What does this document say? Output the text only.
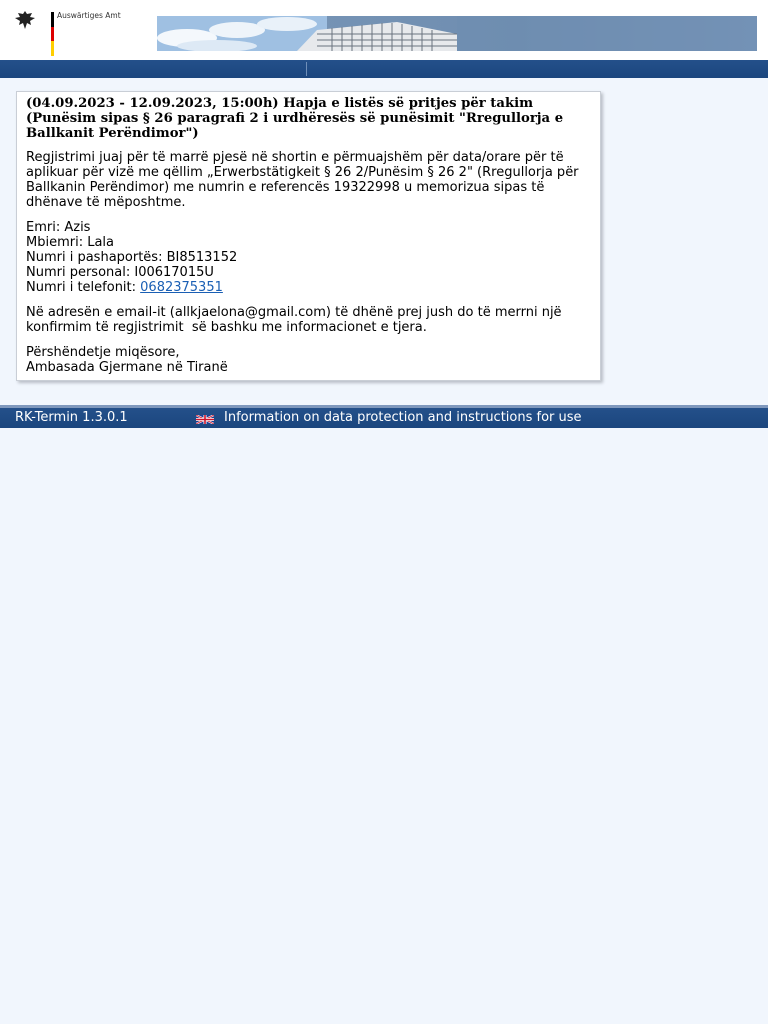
Auswärtiges Amt

(04.09.2023 - 12.09.2023, 15:00h) Hapja e listës së pritjes për takim (Punësim sipas § 26 paragrafi 2 i urdhëresës së punësimit "Rregullorja e Ballkanit Perëndimor")

Regjistrimi juaj për të marrë pjesë në shortin e përmuajshëm për data/orare për të aplikuar për vizë me qëllim „Erwerbstätigkeit § 26 2/Punësim § 26 2" (Rregullorja për Ballkanin Perëndimor) me numrin e referencës 19322998 u memorizua sipas të dhënave të mëposhtme.

Emri: Azis
Mbiemri: Lala
Numri i pashaportës: BI8513152
Numri personal: I00617015U
Numri i telefonit: 0682375351

Në adresën e email-it (allkjaelona@gmail.com) të dhënë prej jush do të merrni një konfirmim të regjistrimit  së bashku me informacionet e tjera.

Përshëndetje miqësore,
Ambasada Gjermane në Tiranë

RK-Termin 1.3.0.1	Information on data protection and instructions for use
